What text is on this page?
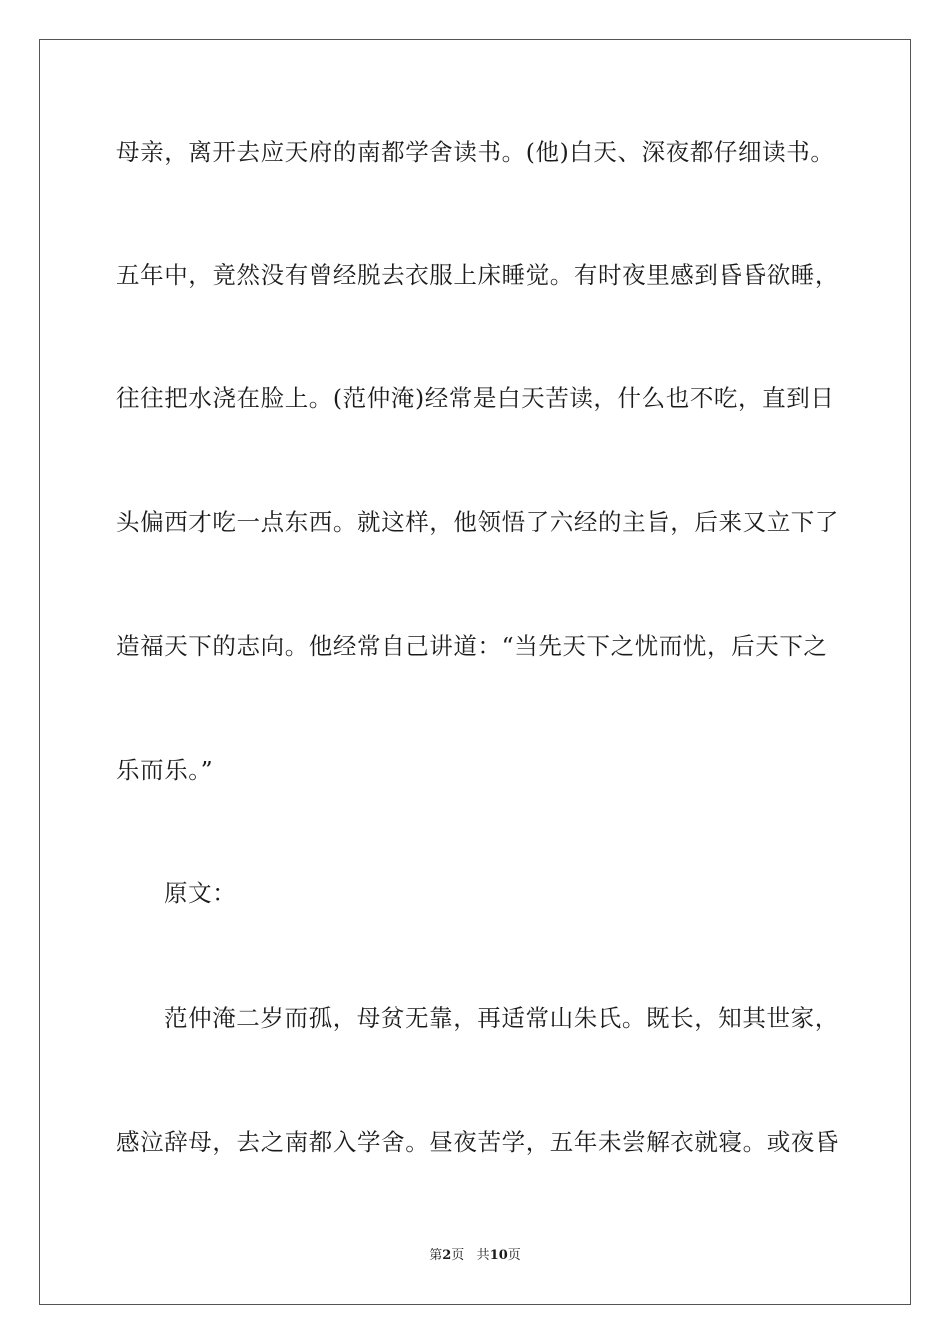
母亲，离开去应天府的南都学舍读书。(他)白天、深夜都仔细读书。
五年中，竟然没有曾经脱去衣服上床睡觉。有时夜里感到昏昏欲睡，
往往把水浇在脸上。(范仲淹)经常是白天苦读，什么也不吃，直到日
头偏西才吃一点东西。就这样，他领悟了六经的主旨，后来又立下了
造福天下的志向。他经常自己讲道：“当先天下之忧而忧，后天下之
乐而乐。”
原文：
范仲淹二岁而孤，母贫无靠，再适常山朱氏。既长，知其世家，
感泣辞母，去之南都入学舍。昼夜苦学，五年未尝解衣就寝。或夜昏
第2页 共10页
